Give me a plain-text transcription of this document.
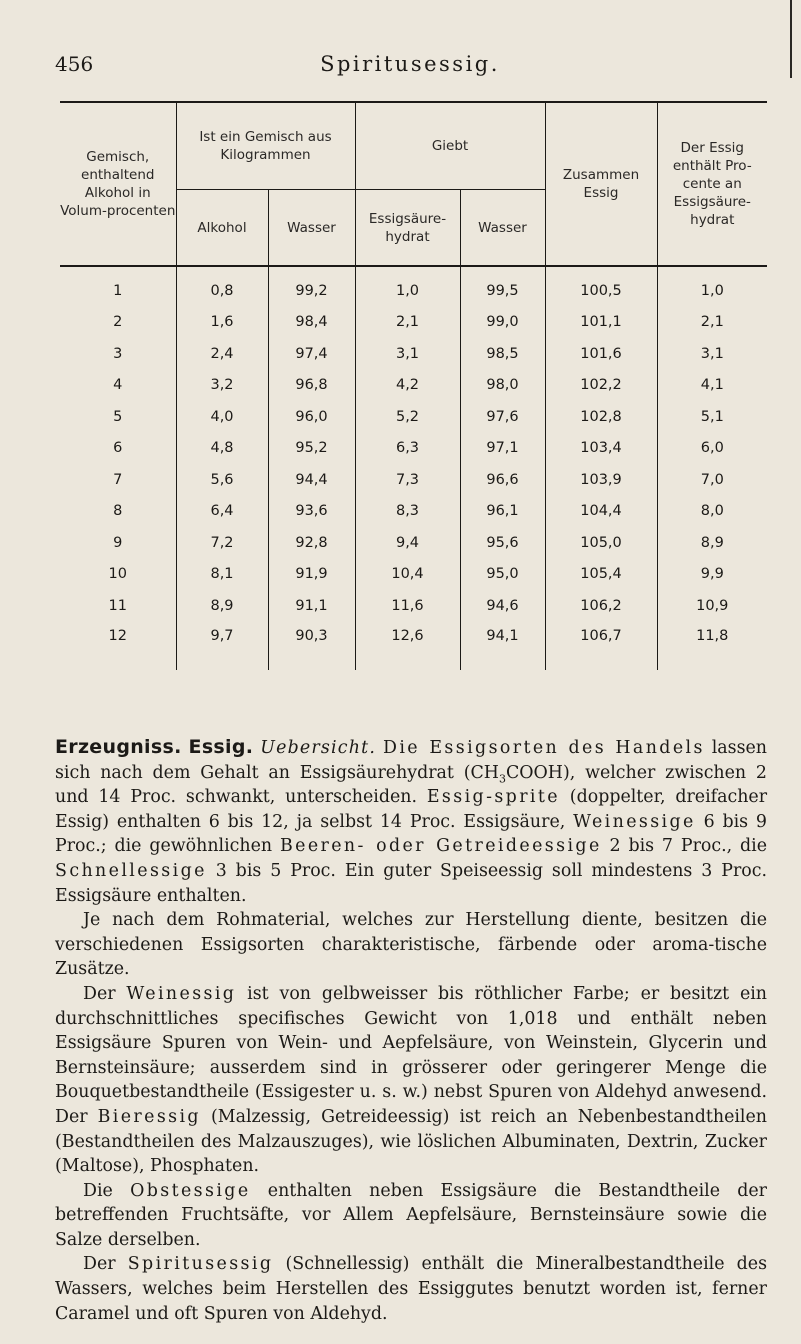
456	Spiritusessig.
Gemisch, enthaltend Alkohol in Volum-procenten	Ist ein Gemisch aus Kilogrammen		Giebt		Zusammen Essig	Der Essig enthält Pro-cente an Essigsäure-hydrat
	Alkohol	Wasser	Essigsäure-hydrat	Wasser		
1	0,8	99,2	1,0	99,5	100,5	1,0
2	1,6	98,4	2,1	99,0	101,1	2,1
3	2,4	97,4	3,1	98,5	101,6	3,1
4	3,2	96,8	4,2	98,0	102,2	4,1
5	4,0	96,0	5,2	97,6	102,8	5,1
6	4,8	95,2	6,3	97,1	103,4	6,0
7	5,6	94,4	7,3	96,6	103,9	7,0
8	6,4	93,6	8,3	96,1	104,4	8,0
9	7,2	92,8	9,4	95,6	105,0	8,9
10	8,1	91,9	10,4	95,0	105,4	9,9
11	8,9	91,1	11,6	94,6	106,2	10,9
12	9,7	90,3	12,6	94,1	106,7	11,8

Erzeugniss. Essig. Uebersicht. Die Essigsorten des Handels lassen sich nach dem Gehalt an Essigsäurehydrat $(CH_3COOH)$, welcher zwischen 2 und 14 Proc. schwankt, unterscheiden. Essig-sprite (doppelter, dreifacher Essig) enthalten 6 bis 12, ja selbst 14 Proc. Essigsäure, Weinessige 6 bis 9 Proc.; die gewöhnlichen Beeren- oder Getreideessige 2 bis 7 Proc., die Schnellessige 3 bis 5 Proc. Ein guter Speiseessig soll mindestens 3 Proc. Essigsäure enthalten.

Je nach dem Rohmaterial, welches zur Herstellung diente, besitzen die verschiedenen Essigsorten charakteristische, färbende oder aroma-tische Zusätze.

Der Weinessig ist von gelbweisser bis röthlicher Farbe; er besitzt ein durchschnittliches specifisches Gewicht von 1,018 und enthält neben Essigsäure Spuren von Wein- und Aepfelsäure, von Weinstein, Glycerin und Bernsteinsäure; ausserdem sind in grösserer oder geringerer Menge die Bouquetbestandtheile (Essigester u. s. w.) nebst Spuren von Aldehyd anwesend. Der Bieressig (Malzessig, Getreideessig) ist reich an Nebenbestandtheilen (Bestandtheilen des Malzauszuges), wie löslichen Albuminaten, Dextrin, Zucker (Maltose), Phosphaten.

Die Obstessige enthalten neben Essigsäure die Bestandtheile der betreffenden Fruchtsäfte, vor Allem Aepfelsäure, Bernsteinsäure sowie die Salze derselben.

Der Spiritusessig (Schnellessig) enthält die Mineralbestandtheile des Wassers, welches beim Herstellen des Essiggutes benutzt worden ist, ferner Caramel und oft Spuren von Aldehyd.
